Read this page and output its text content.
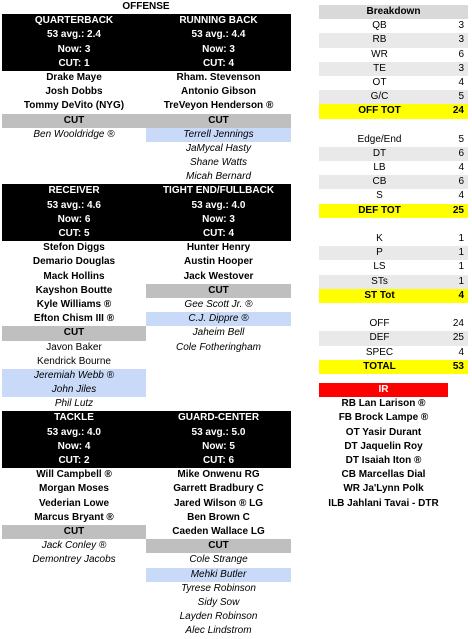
OFFENSE
QUARTERBACK
53 avg.: 2.4
Now: 3
CUT: 1
Drake Maye
Josh Dobbs
Tommy DeVito (NYG)
CUT
Ben Wooldridge ®
RECEIVER
53 avg.: 4.6
Now: 6
CUT: 5
Stefon Diggs
Demario Douglas
Mack Hollins
Kayshon Boutte
Kyle Williams ®
Efton Chism III ®
CUT
Javon Baker
Kendrick Bourne
Jeremiah Webb ®
John Jiles
Phil Lutz
TACKLE
53 avg.: 4.0
Now: 4
CUT: 2
Will Campbell ®
Morgan Moses
Vederian Lowe
Marcus Bryant ®
CUT
Jack Conley ®
Demontrey Jacobs
RUNNING BACK
53 avg.: 4.4
Now: 3
CUT: 4
Rham. Stevenson
Antonio Gibson
TreVeyon Henderson ®
CUT
Terrell Jennings
JaMycal Hasty
Shane Watts
Micah Bernard
TIGHT END/FULLBACK
53 avg.: 4.0
Now: 3
CUT: 4
Hunter Henry
Austin Hooper
Jack Westover
CUT
Gee Scott Jr. ®
C.J. Dippre ®
Jaheim Bell
Cole Fotheringham
GUARD-CENTER
53 avg.: 5.0
Now: 5
CUT: 6
Mike Onwenu RG
Garrett Bradbury C
Jared Wilson ® LG
Ben Brown C
Caeden Wallace LG
CUT
Cole Strange
Mehki Butler
Tyrese Robinson
Sidy Sow
Layden Robinson
Alec Lindstrom
Breakdown
QB	3
RB	3
WR	6
TE	3
OT	4
G/C	5
OFF TOT	24
Edge/End	5
DT	6
LB	4
CB	6
S	4
DEF TOT	25
K	1
P	1
LS	1
STs	1
ST Tot	4
OFF	24
DEF	25
SPEC	4
TOTAL	53
IR
RB Lan Larison ®
FB Brock Lampe ®
OT Yasir Durant
DT Jaquelin Roy
DT Isaiah Iton ®
CB Marcellas Dial
WR Ja'Lynn Polk
ILB Jahlani Tavai - DTR
